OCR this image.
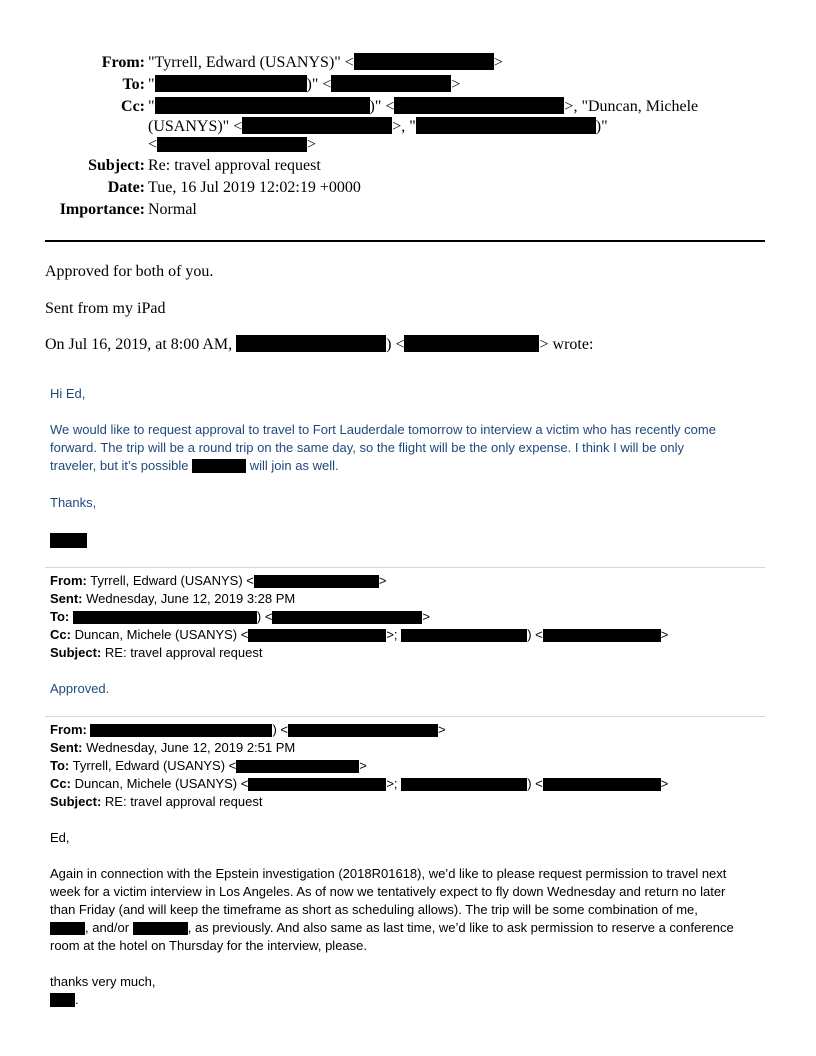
From: "Tyrrell, Edward (USANYS)" <	>
To: "	)" <	>
Cc: "	)" <	>, "Duncan, Michele
(USANYS)" <	>, "	)"
<	>
Subject: Re: travel approval request
Date: Tue, 16 Jul 2019 12:02:19 +0000
Importance: Normal
Approved for both of you.
Sent from my iPad
On Jul 16, 2019, at 8:00 AM,	) <	> wrote:
Hi Ed,
We would like to request approval to travel to Fort Lauderdale tomorrow to interview a victim who has recently come
forward. The trip will be a round trip on the same day, so the flight will be the only expense. I think I will be only
traveler, but it’s possible	will join as well.
Thanks,
From: Tyrrell, Edward (USANYS) <	>
Sent: Wednesday, June 12, 2019 3:28 PM
To:	) <	>
Cc: Duncan, Michele (USANYS) <	>;	) <	>
Subject: RE: travel approval request
Approved.
From:	) <	>
Sent: Wednesday, June 12, 2019 2:51 PM
To: Tyrrell, Edward (USANYS) <	>
Cc: Duncan, Michele (USANYS) <	>;	) <	>
Subject: RE: travel approval request
Ed,
Again in connection with the Epstein investigation (2018R01618), we’d like to please request permission to travel next
week for a victim interview in Los Angeles. As of now we tentatively expect to fly down Wednesday and return no later
than Friday (and will keep the timeframe as short as scheduling allows). The trip will be some combination of me,
, and/or	, as previously. And also same as last time, we’d like to ask permission to reserve a conference
room at the hotel on Thursday for the interview, please.
thanks very much,
.
